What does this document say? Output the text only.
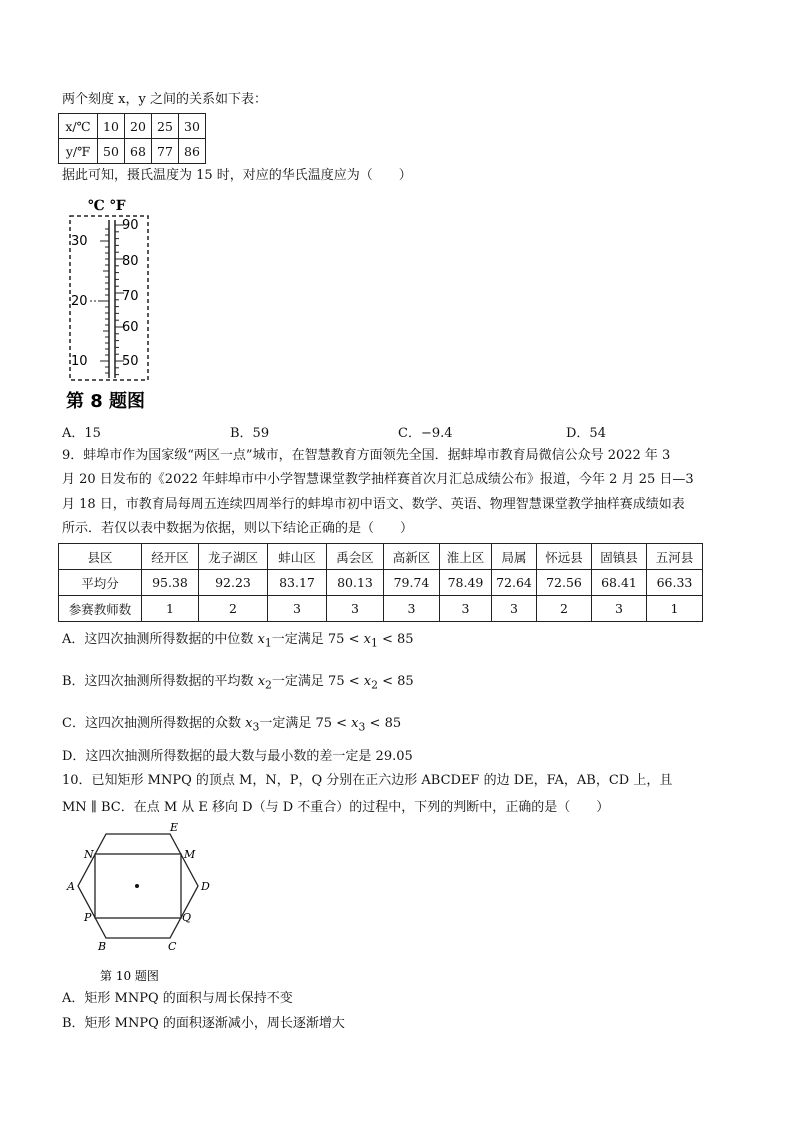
两个刻度 x，y 之间的关系如下表：
x/℃	10	20	25	30
y/℉	50	68	77	86
据此可知，摄氏温度为 15 时，对应的华氏温度应为（　　）
℃ ℉
30
20
10
90
80
70
60
50
第 8 题图
A．15	B．59	C．−9.4	D．54
9．蚌埠市作为国家级“两区一点”城市，在智慧教育方面领先全国．据蚌埠市教育局微信公众号 2022 年 3
月 20 日发布的《2022 年蚌埠市中小学智慧课堂教学抽样赛首次月汇总成绩公布》报道，今年 2 月 25 日—3
月 18 日，市教育局每周五连续四周举行的蚌埠市初中语文、数学、英语、物理智慧课堂教学抽样赛成绩如表
所示．若仅以表中数据为依据，则以下结论正确的是（　　）
县区	经开区	龙子湖区	蚌山区	禹会区	高新区	淮上区	局属	怀远县	固镇县	五河县
平均分	95.38	92.23	83.17	80.13	79.74	78.49	72.64	72.56	68.41	66.33
参赛教师数	1	2	3	3	3	3	3	2	3	1
A．这四次抽测所得数据的中位数 $x_1$一定满足 $75 < x_1 < 85$
B．这四次抽测所得数据的平均数 $x_2$一定满足 $75 < x_2 < 85$
C．这四次抽测所得数据的众数 $x_3$一定满足 $75 < x_3 < 85$
D．这四次抽测所得数据的最大数与最小数的差一定是 29.05
10．已知矩形 MNPQ 的顶点 M，N，P，Q 分别在正六边形 ABCDEF 的边 DE，FA，AB，CD 上，且
MN ∥ BC．在点 M 从 E 移向 D（与 D 不重合）的过程中，下列的判断中，正确的是（　　）
N
E
M
A	D
P	Q
B	C
第 10 题图
A．矩形 MNPQ 的面积与周长保持不变
B．矩形 MNPQ 的面积逐渐减小，周长逐渐增大
